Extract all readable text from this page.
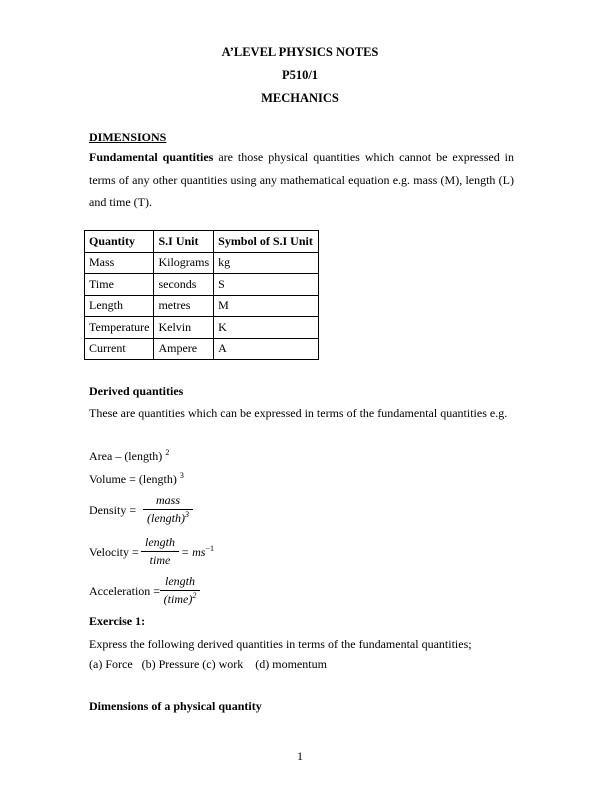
A’LEVEL PHYSICS NOTES
P510/1
MECHANICS
DIMENSIONS
Fundamental quantities are those physical quantities which cannot be expressed in terms of any other quantities using any mathematical equation e.g. mass (M), length (L) and time (T).
Quantity	S.I Unit	Symbol of S.I Unit
Mass	Kilograms	kg
Time	seconds	S
Length	metres	M
Temperature	Kelvin	K
Current	Ampere	A
Derived quantities
These are quantities which can be expressed in terms of the fundamental quantities e.g.
Area – (length) $^2$
Volume = (length) $^3$
Density =
mass
(length)$^3$
Velocity =
length
time
= $ms^{-1}$
Acceleration =
length
(time)$^2$
Exercise 1:
Express the following derived quantities in terms of the fundamental quantities;
(a) Force   (b) Pressure (c) work    (d) momentum
Dimensions of a physical quantity
1
